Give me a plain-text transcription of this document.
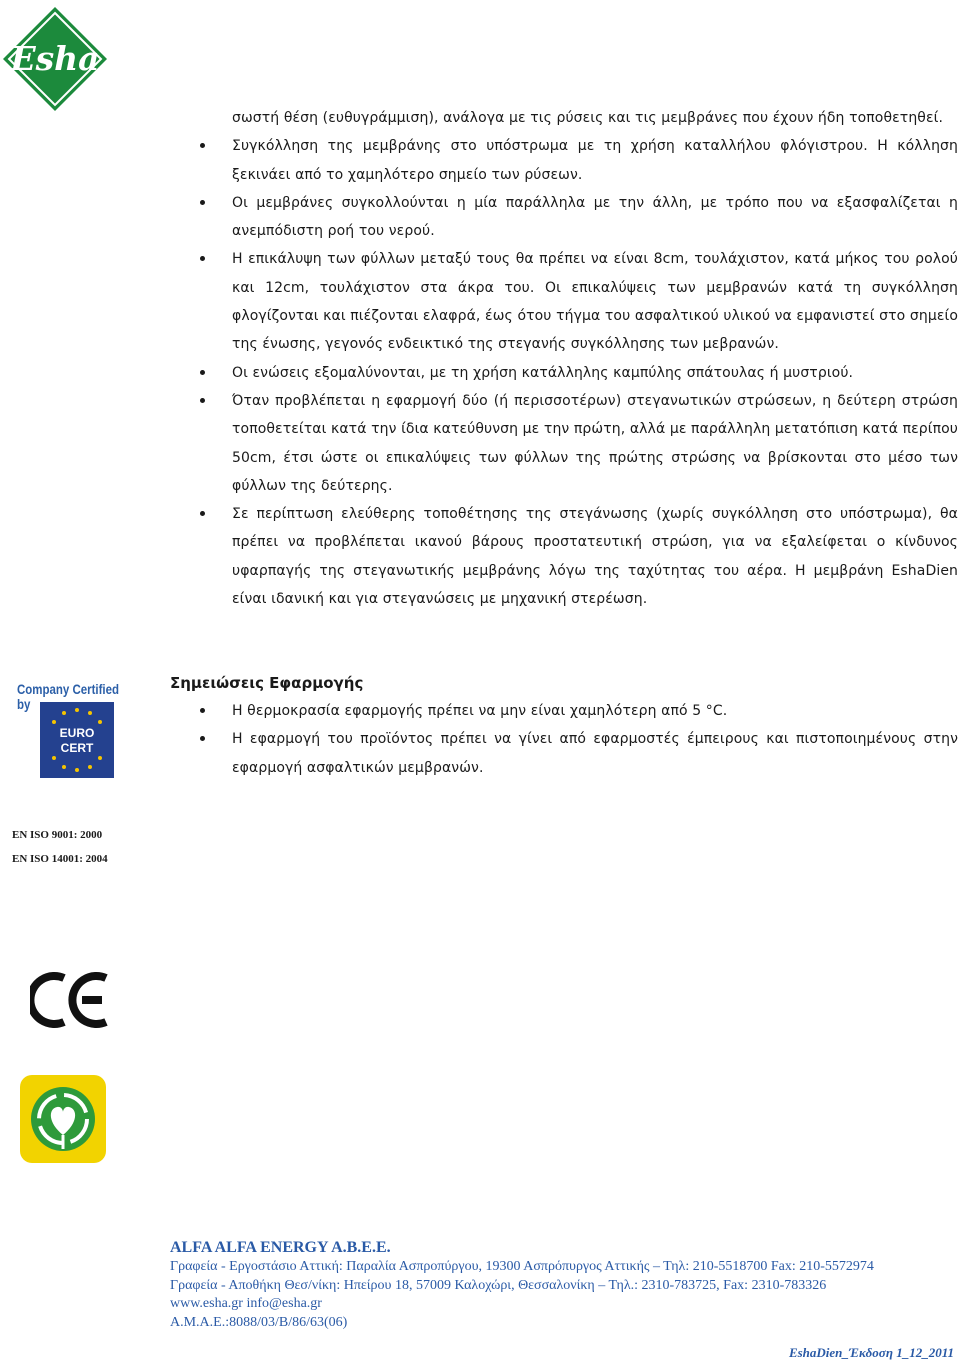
Esha
σωστή θέση (ευθυγράμμιση), ανάλογα με τις ρύσεις και τις μεμβράνες που έχουν ήδη τοποθετηθεί.
Συγκόλληση της μεμβράνης στο υπόστρωμα με τη χρήση καταλλήλου φλόγιστρου. Η κόλληση ξεκινάει από το χαμηλότερο σημείο των ρύσεων.
Οι μεμβράνες συγκολλούνται η μία παράλληλα με την άλλη, με τρόπο που να εξασφαλίζεται η ανεμπόδιστη ροή του νερού.
Η επικάλυψη των φύλλων μεταξύ τους θα πρέπει να είναι 8cm, τουλάχιστον, κατά μήκος του ρολού και 12cm, τουλάχιστον στα άκρα του. Οι επικαλύψεις των μεμβρανών κατά τη συγκόλληση φλογίζονται και πιέζονται ελαφρά, έως ότου τήγμα του ασφαλτικού υλικού να εμφανιστεί στο σημείο της ένωσης, γεγονός ενδεικτικό της στεγανής συγκόλλησης των μεβρανών.
Οι ενώσεις εξομαλύνονται, με τη χρήση κατάλληλης καμπύλης σπάτουλας ή μυστριού.
Όταν προβλέπεται η εφαρμογή δύο (ή περισσοτέρων) στεγανωτικών στρώσεων, η δεύτερη στρώση τοποθετείται κατά την ίδια κατεύθυνση με την πρώτη, αλλά με παράλληλη μετατόπιση κατά περίπου 50cm, έτσι ώστε οι επικαλύψεις των φύλλων της πρώτης στρώσης να βρίσκονται στο μέσο των φύλλων της δεύτερης.
Σε περίπτωση ελεύθερης τοποθέτησης της στεγάνωσης (χωρίς συγκόλληση στο υπόστρωμα), θα πρέπει να προβλέπεται ικανού βάρους προστατευτική στρώση, για να εξαλείφεται ο κίνδυνος υφαρπαγής της στεγανωτικής μεμβράνης λόγω της ταχύτητας του αέρα. Η μεμβράνη EshaDien είναι ιδανική και για στεγανώσεις με μηχανική στερέωση.
Σημειώσεις Εφαρμογής
Η θερμοκρασία εφαρμογής πρέπει να μην είναι χαμηλότερη από 5 °C.
Η εφαρμογή του προϊόντος πρέπει να γίνει από εφαρμοστές έμπειρους και πιστοποιημένους στην εφαρμογή ασφαλτικών μεμβρανών.
Company Certified by
EURO
CERT
EN ISO 9001: 2000
EN ISO 14001: 2004

ALFA ALFA ENERGY A.B.E.E.

Γραφεία - Εργοστάσιο Αττική: Παραλία Ασπροπύργου, 19300 Ασπρόπυργος Αττικής – Τηλ: 210-5518700 Fax: 210-5572974

Γραφεία - Αποθήκη Θεσ/νίκη: Ηπείρου 18, 57009 Καλοχώρι, Θεσσαλονίκη – Τηλ.: 2310-783725, Fax: 2310-783326

www.esha.gr info@esha.gr

Α.Μ.Α.Ε.:8088/03/Β/86/63(06)

EshaDien_Έκδοση 1_12_2011
